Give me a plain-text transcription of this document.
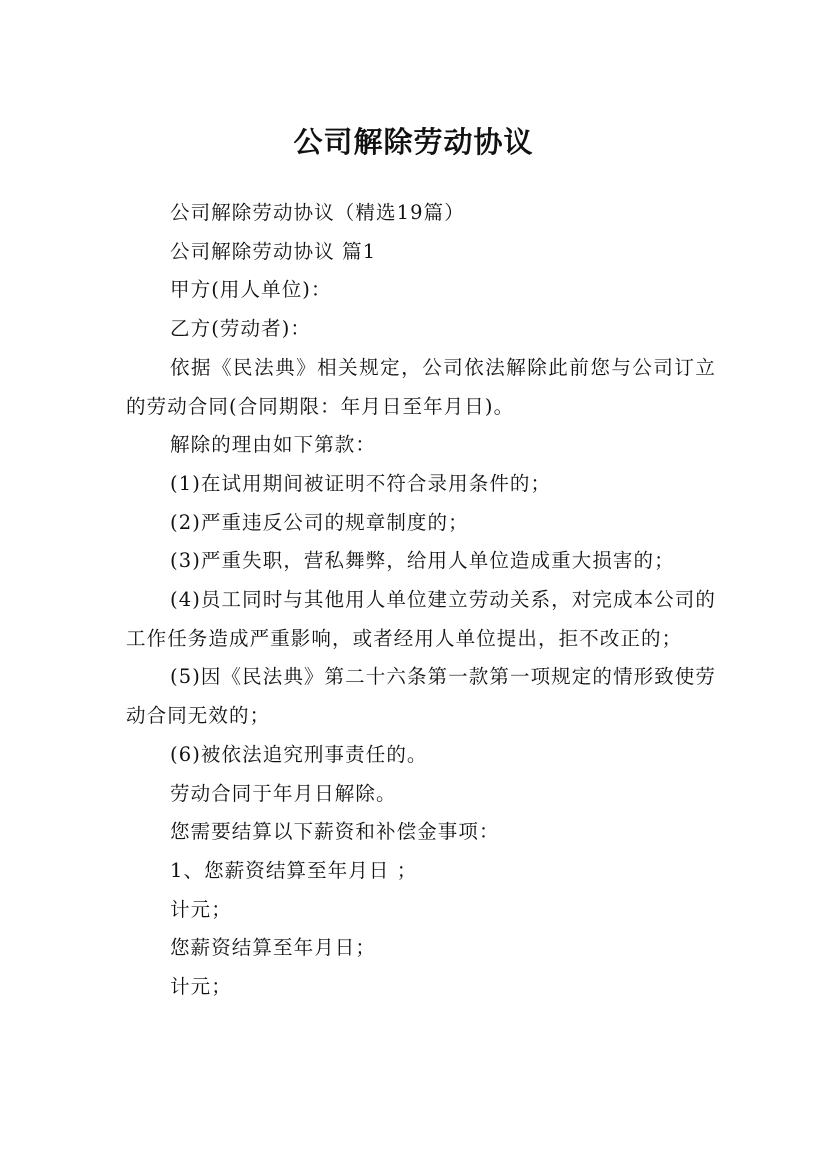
公司解除劳动协议

公司解除劳动协议（精选19篇）

公司解除劳动协议 篇1

甲方(用人单位)：

乙方(劳动者)：

依据《民法典》相关规定，公司依法解除此前您与公司订立的劳动合同(合同期限：年月日至年月日)。

解除的理由如下第款：

(1)在试用期间被证明不符合录用条件的；

(2)严重违反公司的规章制度的；

(3)严重失职，营私舞弊，给用人单位造成重大损害的；

(4)员工同时与其他用人单位建立劳动关系，对完成本公司的工作任务造成严重影响，或者经用人单位提出，拒不改正的；

(5)因《民法典》第二十六条第一款第一项规定的情形致使劳动合同无效的；

(6)被依法追究刑事责任的。

劳动合同于年月日解除。

您需要结算以下薪资和补偿金事项：

1、您薪资结算至年月日 ；

计元；

您薪资结算至年月日；

计元；
